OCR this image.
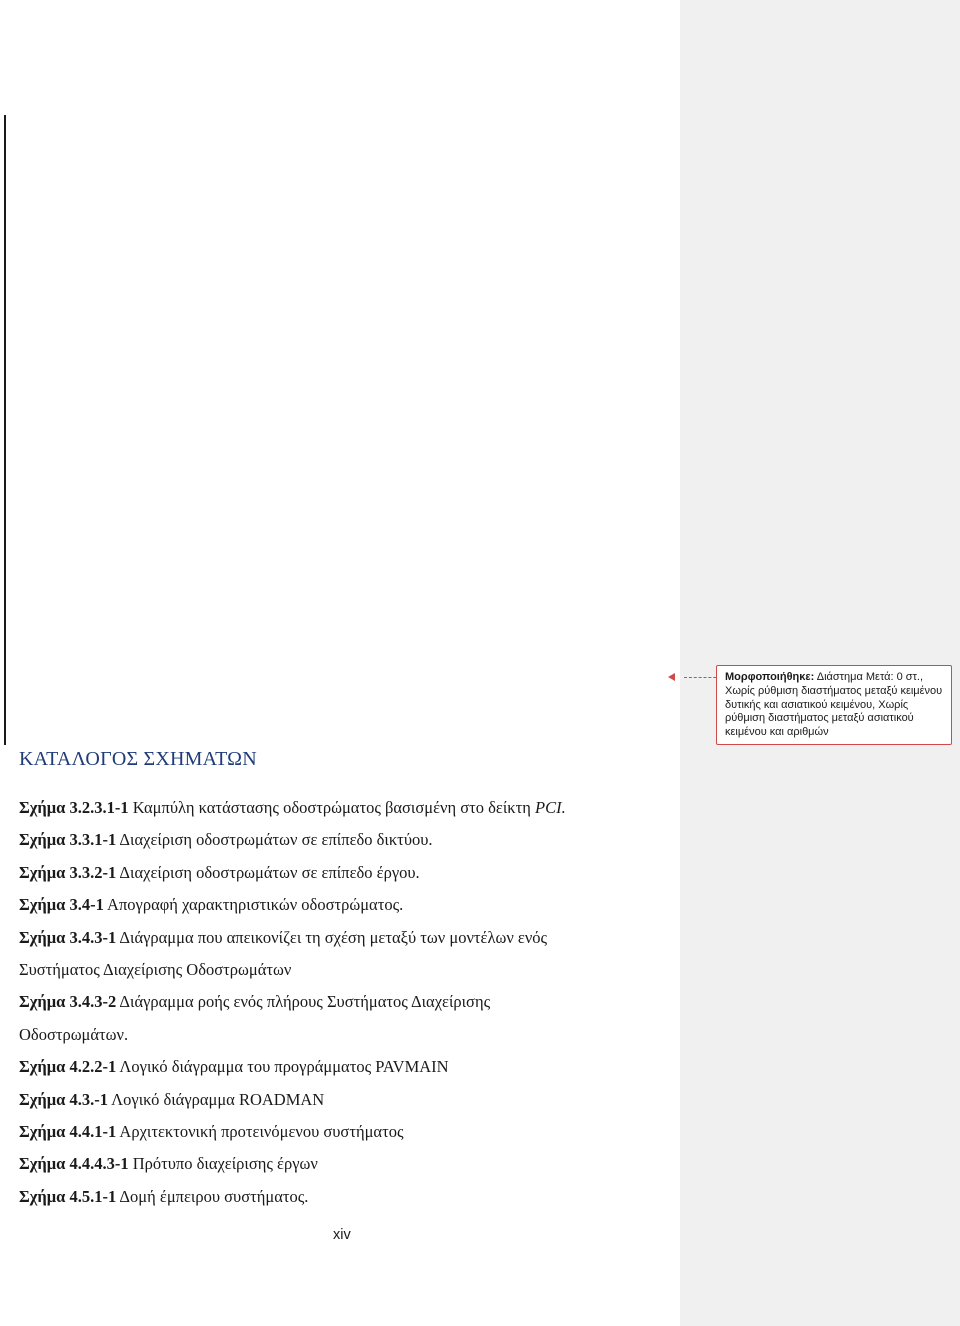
Μορφοποιήθηκε: Διάστημα Μετά: 0 στ., Χωρίς ρύθμιση διαστήματος μεταξύ κειμένου δυτικής και ασιατικού κειμένου, Χωρίς ρύθμιση διαστήματος μεταξύ ασιατικού κειμένου και αριθμών
ΚΑΤΑΛΟΓΟΣ ΣΧΗΜΑΤΩΝ
Σχήμα 3.2.3.1-1 Καμπύλη κατάστασης οδοστρώματος βασισμένη στο δείκτη PCI.
Σχήμα 3.3.1-1 Διαχείριση οδοστρωμάτων σε επίπεδο δικτύου.
Σχήμα 3.3.2-1 Διαχείριση οδοστρωμάτων σε επίπεδο έργου.
Σχήμα 3.4-1 Απογραφή χαρακτηριστικών οδοστρώματος.
Σχήμα 3.4.3-1 Διάγραμμα που απεικονίζει τη σχέση μεταξύ των μοντέλων ενός
Συστήματος Διαχείρισης Οδοστρωμάτων
Σχήμα 3.4.3-2 Διάγραμμα ροής ενός πλήρους Συστήματος Διαχείρισης
Οδοστρωμάτων.
Σχήμα 4.2.2-1 Λογικό διάγραμμα του προγράμματος PAVMAIN
Σχήμα 4.3.-1 Λογικό διάγραμμα ROADMAN
Σχήμα 4.4.1-1 Αρχιτεκτονική προτεινόμενου συστήματος
Σχήμα 4.4.4.3-1 Πρότυπο διαχείρισης έργων
Σχήμα 4.5.1-1 Δομή έμπειρου συστήματος.
xiv
